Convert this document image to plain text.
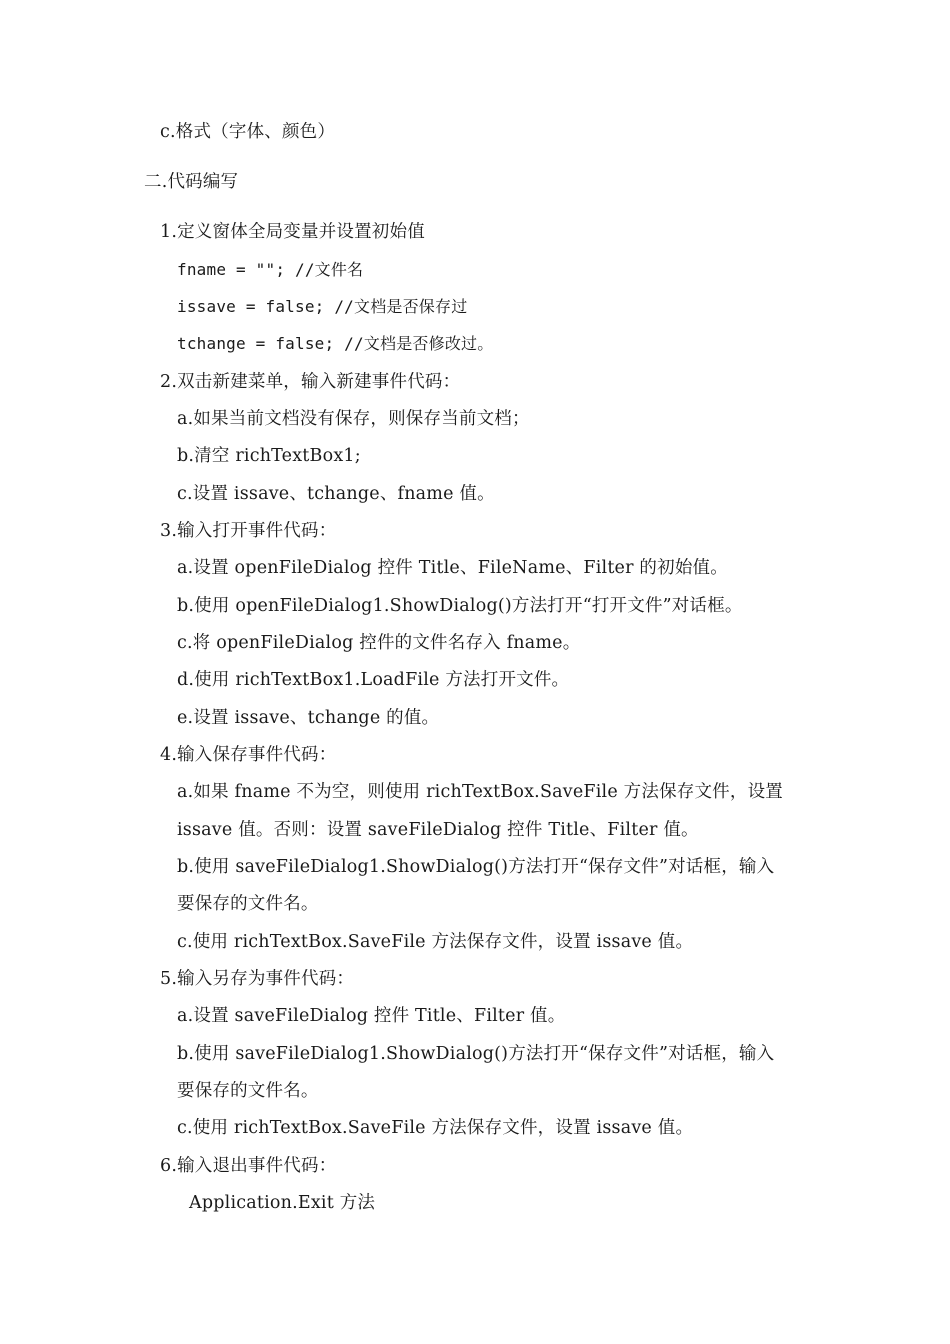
c.格式（字体、颜色）
二.代码编写
1.定义窗体全局变量并设置初始值
fname = ""; //文件名
issave = false; //文档是否保存过
tchange = false; //文档是否修改过。
2.双击新建菜单，输入新建事件代码：
a.如果当前文档没有保存，则保存当前文档；
b.清空 richTextBox1;
c.设置 issave、tchange、fname 值。
3.输入打开事件代码：
a.设置 openFileDialog 控件 Title、FileName、Filter 的初始值。
b.使用 openFileDialog1.ShowDialog()方法打开“打开文件”对话框。
c.将 openFileDialog 控件的文件名存入 fname。
d.使用 richTextBox1.LoadFile 方法打开文件。
e.设置 issave、tchange 的值。
4.输入保存事件代码：
a.如果 fname 不为空，则使用 richTextBox.SaveFile 方法保存文件，设置
issave 值。否则：设置 saveFileDialog 控件 Title、Filter 值。
b.使用 saveFileDialog1.ShowDialog()方法打开“保存文件”对话框，输入
要保存的文件名。
c.使用 richTextBox.SaveFile 方法保存文件，设置 issave 值。
5.输入另存为事件代码：
a.设置 saveFileDialog 控件 Title、Filter 值。
b.使用 saveFileDialog1.ShowDialog()方法打开“保存文件”对话框，输入
要保存的文件名。
c.使用 richTextBox.SaveFile 方法保存文件，设置 issave 值。
6.输入退出事件代码：
Application.Exit 方法
